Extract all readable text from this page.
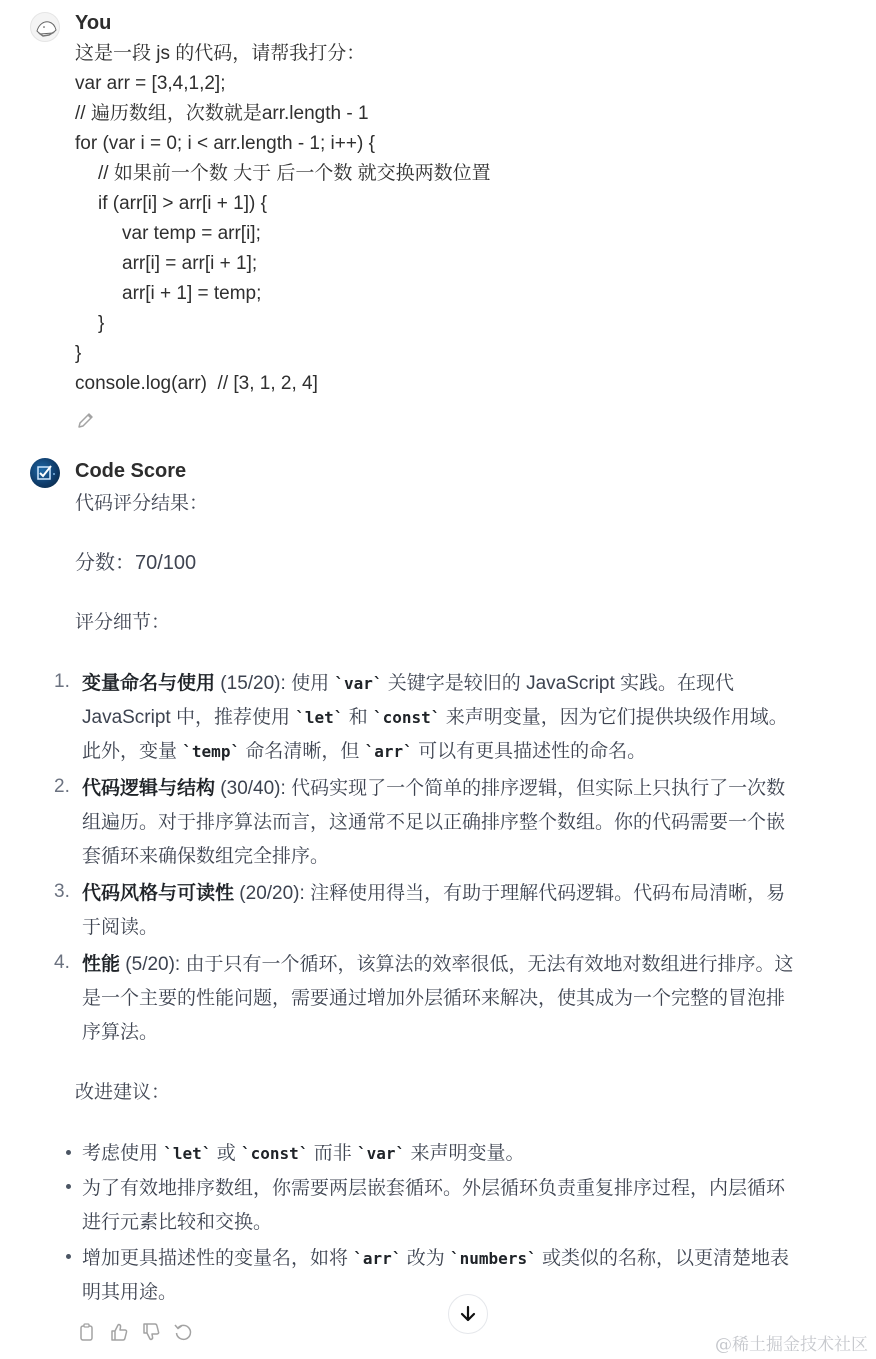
You
这是一段 js 的代码，请帮我打分：
var arr = [3,4,1,2];
// 遍历数组，次数就是arr.length - 1
for (var i = 0; i < arr.length - 1; i++) {
// 如果前一个数 大于 后一个数 就交换两数位置
if (arr[i] > arr[i + 1]) {
var temp = arr[i];
arr[i] = arr[i + 1];
arr[i + 1] = temp;
}
}
console.log(arr)  // [3, 1, 2, 4]
Code Score
代码评分结果：
分数：70/100
评分细节：
1. 变量命名与使用 (15/20): 使用 `var` 关键字是较旧的 JavaScript 实践。在现代
JavaScript 中，推荐使用 `let` 和 `const` 来声明变量，因为它们提供块级作用域。
此外，变量 `temp` 命名清晰，但 `arr` 可以有更具描述性的命名。
2. 代码逻辑与结构 (30/40): 代码实现了一个简单的排序逻辑，但实际上只执行了一次数
组遍历。对于排序算法而言，这通常不足以正确排序整个数组。你的代码需要一个嵌
套循环来确保数组完全排序。
3. 代码风格与可读性 (20/20): 注释使用得当，有助于理解代码逻辑。代码布局清晰，易
于阅读。
4. 性能 (5/20): 由于只有一个循环，该算法的效率很低，无法有效地对数组进行排序。这
是一个主要的性能问题，需要通过增加外层循环来解决，使其成为一个完整的冒泡排
序算法。
改进建议：
考虑使用 `let` 或 `const` 而非 `var` 来声明变量。
为了有效地排序数组，你需要两层嵌套循环。外层循环负责重复排序过程，内层循环
进行元素比较和交换。
增加更具描述性的变量名，如将 `arr` 改为 `numbers` 或类似的名称，以更清楚地表
明其用途。
@稀土掘金技术社区
